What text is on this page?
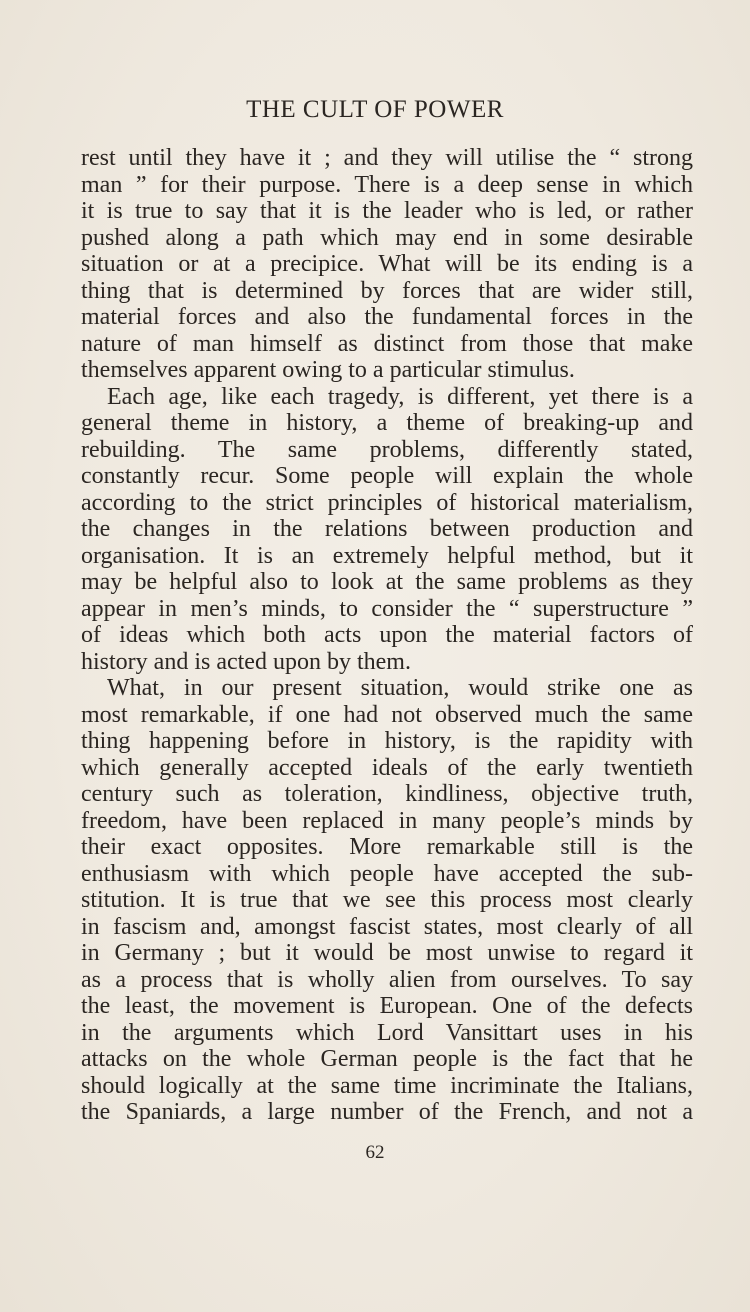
THE CULT OF POWER
rest until they have it ; and they will utilise the “ strong
man ” for their purpose. There is a deep sense in which
it is true to say that it is the leader who is led, or rather
pushed along a path which may end in some desirable
situation or at a precipice. What will be its ending is a
thing that is determined by forces that are wider still,
material forces and also the fundamental forces in the
nature of man himself as distinct from those that make
themselves apparent owing to a particular stimulus.
Each age, like each tragedy, is different, yet there is a
general theme in history, a theme of breaking-up and
rebuilding. The same problems, differently stated,
constantly recur. Some people will explain the whole
according to the strict principles of historical materialism,
the changes in the relations between production and
organisation. It is an extremely helpful method, but it
may be helpful also to look at the same problems as they
appear in men’s minds, to consider the “ superstructure ”
of ideas which both acts upon the material factors of
history and is acted upon by them.
What, in our present situation, would strike one as
most remarkable, if one had not observed much the same
thing happening before in history, is the rapidity with
which generally accepted ideals of the early twentieth
century such as toleration, kindliness, objective truth,
freedom, have been replaced in many people’s minds by
their exact opposites. More remarkable still is the
enthusiasm with which people have accepted the sub-
stitution. It is true that we see this process most clearly
in fascism and, amongst fascist states, most clearly of all
in Germany ; but it would be most unwise to regard it
as a process that is wholly alien from ourselves. To say
the least, the movement is European. One of the defects
in the arguments which Lord Vansittart uses in his
attacks on the whole German people is the fact that he
should logically at the same time incriminate the Italians,
the Spaniards, a large number of the French, and not a
62
